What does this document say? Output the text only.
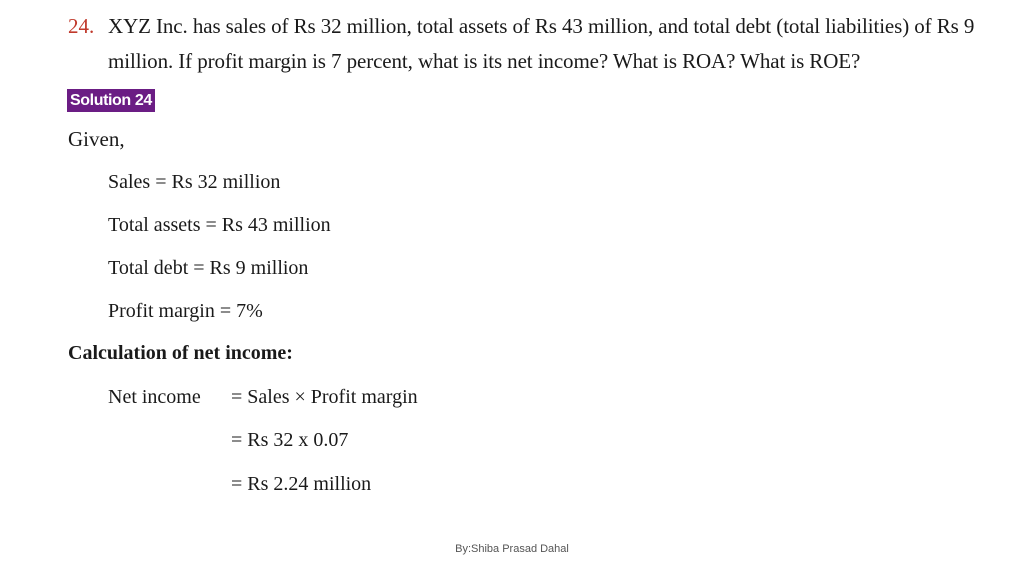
24. XYZ Inc. has sales of Rs 32 million, total assets of Rs 43 million, and total debt (total liabilities) of Rs 9
million. If profit margin is 7 percent, what is its net income? What is ROA? What is ROE?
Solution 24
Given,
Sales = Rs 32 million
Total assets = Rs 43 million
Total debt = Rs 9 million
Profit margin = 7%
Calculation of net income:
Net income = Sales × Profit margin
= Rs 32 x 0.07
= Rs 2.24 million
By:Shiba Prasad Dahal
